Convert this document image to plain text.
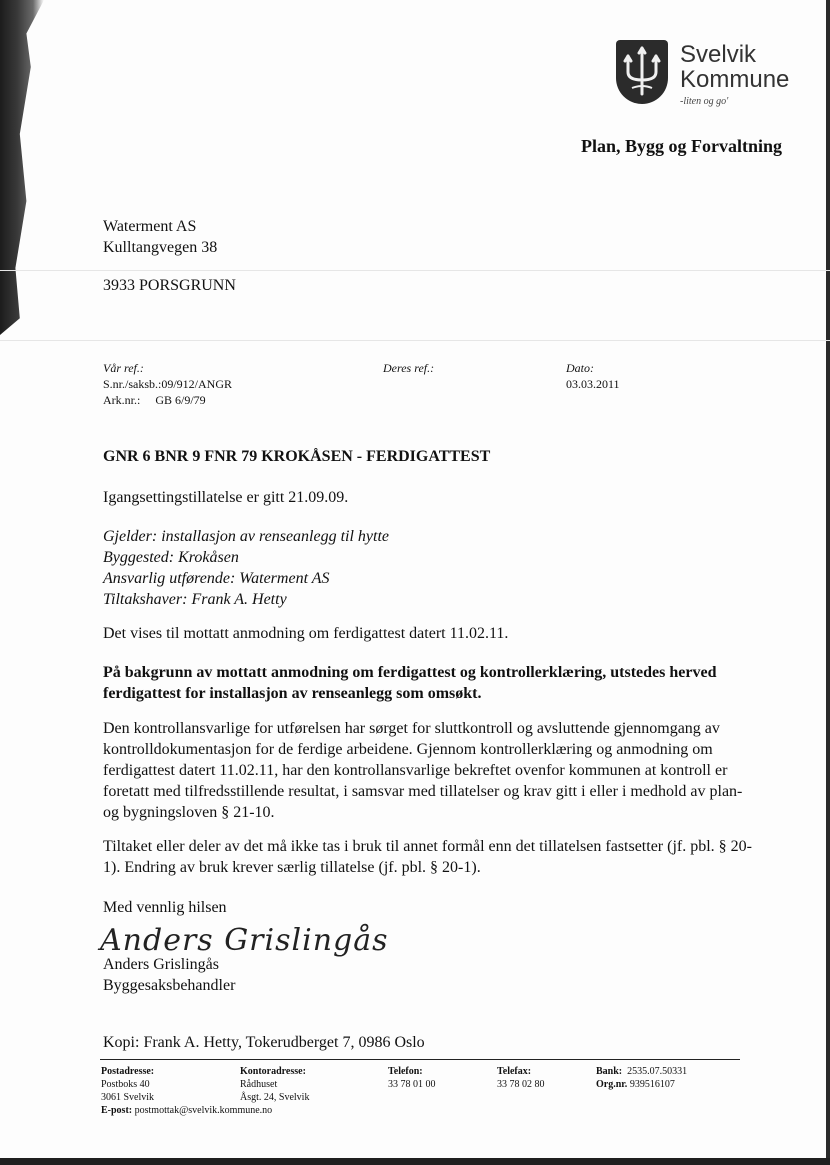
Svelvik
Kommune
-liten og go'
Plan, Bygg og Forvaltning
Waterment AS
Kulltangvegen 38
3933 PORSGRUNN
Vår ref.:
S.nr./saksb.:09/912/ANGR
Ark.nr.:     GB 6/9/79
Deres ref.:	Dato:
03.03.2011
GNR 6 BNR 9 FNR 79 KROKÅSEN - FERDIGATTEST
Igangsettingstillatelse er gitt 21.09.09.
Gjelder: installasjon av renseanlegg til hytte
Byggested: Krokåsen
Ansvarlig utførende: Waterment AS
Tiltakshaver: Frank A. Hetty
Det vises til mottatt anmodning om ferdigattest datert 11.02.11.
På bakgrunn av mottatt anmodning om ferdigattest og kontrollerklæring, utstedes herved ferdigattest for installasjon av renseanlegg som omsøkt.
Den kontrollansvarlige for utførelsen har sørget for sluttkontroll og avsluttende gjennomgang av kontrolldokumentasjon for de ferdige arbeidene. Gjennom kontrollerklæring og anmodning om ferdigattest datert 11.02.11, har den kontrollansvarlige bekreftet ovenfor kommunen at kontroll er foretatt med tilfredsstillende resultat, i samsvar med tillatelser og krav gitt i eller i medhold av plan- og bygningsloven § 21-10.
Tiltaket eller deler av det må ikke tas i bruk til annet formål enn det tillatelsen fastsetter (jf. pbl. § 20-1). Endring av bruk krever særlig tillatelse (jf. pbl. § 20-1).
Med vennlig hilsen
Anders Grislingås
Anders Grislingås
Byggesaksbehandler
Kopi: Frank A. Hetty, Tokerudberget 7, 0986 Oslo
Postadresse:
Postboks 40
3061 Svelvik
Kontoradresse:
Rådhuset
Åsgt. 24, Svelvik
Telefon:
33 78 01 00
Telefax:
33 78 02 80
Bank: 2535.07.50331
Org.nr. 939516107
E-post: postmottak@svelvik.kommune.no
